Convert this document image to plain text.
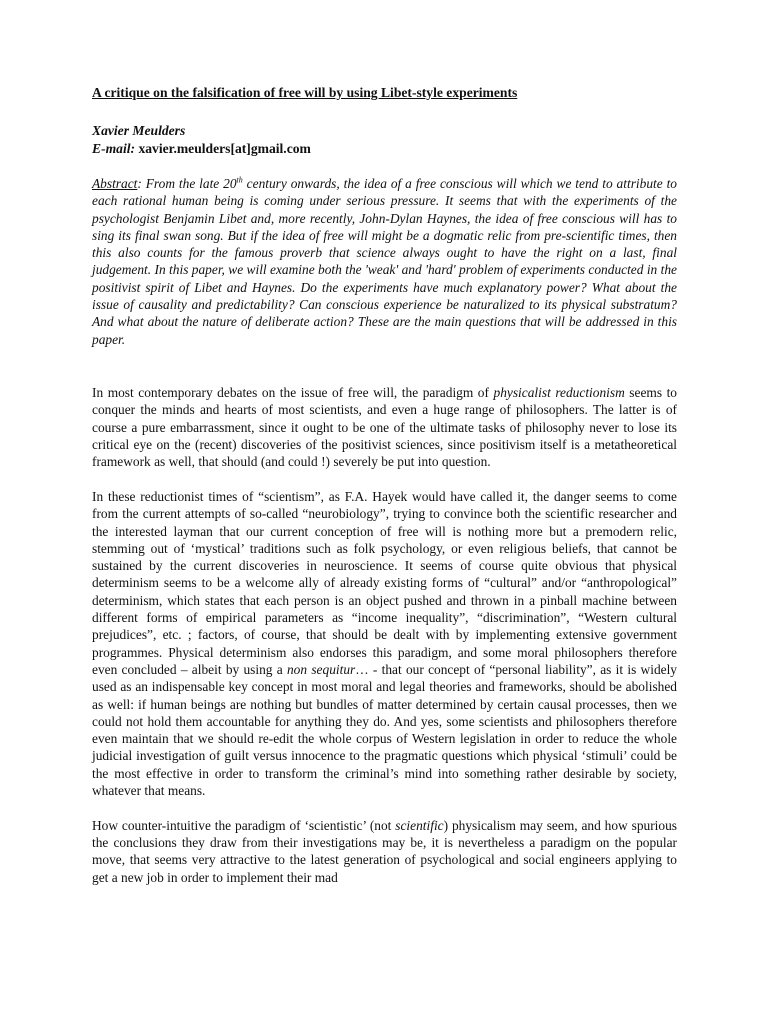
A critique on the falsification of free will by using Libet-style experiments
Xavier Meulders
E-mail: xavier.meulders[at]gmail.com
Abstract: From the late 20th century onwards, the idea of a free conscious will which we tend to attribute to each rational human being is coming under serious pressure. It seems that with the experiments of the psychologist Benjamin Libet and, more recently, John-Dylan Haynes, the idea of free conscious will has to sing its final swan song. But if the idea of free will might be a dogmatic relic from pre-scientific times, then this also counts for the famous proverb that science always ought to have the right on a last, final judgement. In this paper, we will examine both the 'weak' and 'hard' problem of experiments conducted in the positivist spirit of Libet and Haynes. Do the experiments have much explanatory power? What about the issue of causality and predictability? Can conscious experience be naturalized to its physical substratum? And what about the nature of deliberate action? These are the main questions that will be addressed in this paper.

In most contemporary debates on the issue of free will, the paradigm of physicalist reductionism seems to conquer the minds and hearts of most scientists, and even a huge range of philosophers. The latter is of course a pure embarrassment, since it ought to be one of the ultimate tasks of philosophy never to lose its critical eye on the (recent) discoveries of the positivist sciences, since positivism itself is a metatheoretical framework as well, that should (and could !) severely be put into question.

In these reductionist times of “scientism”, as F.A. Hayek would have called it, the danger seems to come from the current attempts of so-called “neurobiology”, trying to convince both the scientific researcher and the interested layman that our current conception of free will is nothing more but a premodern relic, stemming out of ‘mystical’ traditions such as folk psychology, or even religious beliefs, that cannot be sustained by the current discoveries in neuroscience. It seems of course quite obvious that physical determinism seems to be a welcome ally of already existing forms of “cultural” and/or “anthropological” determinism, which states that each person is an object pushed and thrown in a pinball machine between different forms of empirical parameters as “income inequality”, “discrimination”, “Western cultural prejudices”, etc. ; factors, of course, that should be dealt with by implementing extensive government programmes. Physical determinism also endorses this paradigm, and some moral philosophers therefore even concluded – albeit by using a non sequitur… - that our concept of “personal liability”, as it is widely used as an indispensable key concept in most moral and legal theories and frameworks, should be abolished as well: if human beings are nothing but bundles of matter determined by certain causal processes, then we could not hold them accountable for anything they do. And yes, some scientists and philosophers therefore even maintain that we should re-edit the whole corpus of Western legislation in order to reduce the whole judicial investigation of guilt versus innocence to the pragmatic questions which physical ‘stimuli’ could be the most effective in order to transform the criminal’s mind into something rather desirable by society, whatever that means.

How counter-intuitive the paradigm of ‘scientistic’ (not scientific) physicalism may seem, and how spurious the conclusions they draw from their investigations may be, it is nevertheless a paradigm on the popular move, that seems very attractive to the latest generation of psychological and social engineers applying to get a new job in order to implement their mad
